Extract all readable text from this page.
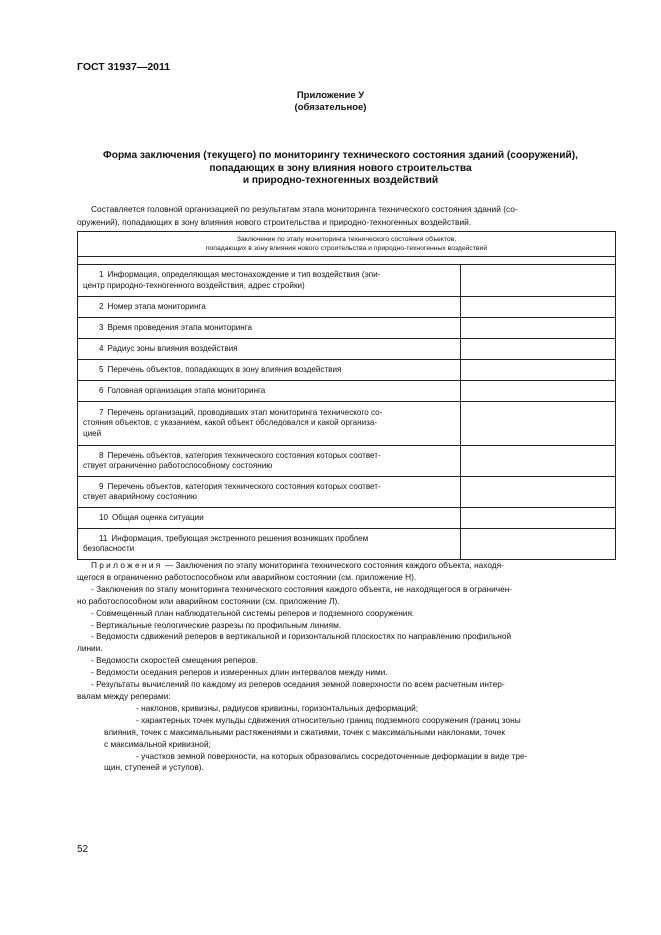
ГОСТ 31937—2011
Приложение У
(обязательное)
Форма заключения (текущего) по мониторингу технического состояния зданий (сооружений),
попадающих в зону влияния нового строительства
и природно-техногенных воздействий
Составляется головной организацией по результатам этапа мониторинга технического состояния зданий (со-
оружений), попадающих в зону влияния нового строительства и природно-техногенных воздействий.
Заключение по этапу мониторинга технического состояния объектов,
попадающих в зону влияния нового строительства и природно-техногенных воздействий	

1 Информация, определяющая местонахождение и тип воздействия (эпи-
центр природно-техногенного воздействия, адрес стройки)	

2 Номер этапа мониторинга	

3 Время проведения этапа мониторинга	

4 Радиус зоны влияния воздействия	

5 Перечень объектов, попадающих в зону влияния воздействия	

6 Головная организация этапа мониторинга	

7 Перечень организаций, проводивших этап мониторинга технического со-
стояния объектов, с указанием, какой объект обследовался и какой организа-
цией	

8 Перечень объектов, категория технического состояния которых соответ-
ствует ограниченно работоспособному состоянию	

9 Перечень объектов, категория технического состояния которых соответ-
ствует аварийному состоянию	

10 Общая оценка ситуации	

11 Информация, требующая экстренного решения возникших проблем
безопасности	

Приложения — Заключения по этапу мониторинга технического состояния каждого объекта, находя-

щегося в ограниченно работоспособном или аварийном состоянии (см. приложение Н).

- Заключения по этапу мониторинга технического состояния каждого объекта, не находящегося в ограничен-

но работоспособном или аварийном состоянии (см. приложение Л).

- Совмещенный план наблюдательной системы реперов и подземного сооружения.

- Вертикальные геологические разрезы по профильным линиям.

- Ведомости сдвижений реперов в вертикальной и горизонтальной плоскостях по направлению профильной

линии.

- Ведомости скоростей смещения реперов.

- Ведомости оседания реперов и измеренных длин интервалов между ними.

- Результаты вычислений по каждому из реперов оседания земной поверхности по всем расчетным интер-

валам между реперами:

- наклонов, кривизны, радиусов кривизны, горизонтальных деформаций;

- характерных точек мульды сдвижения относительно границ подземного сооружения (границ зоны

влияния, точек с максимальными растяжениями и сжатиями, точек с максимальными наклонами, точек

с максимальной кривизной;

- участков земной поверхности, на которых образовались сосредоточенные деформации в виде тре-

щин, ступеней и уступов).

52
